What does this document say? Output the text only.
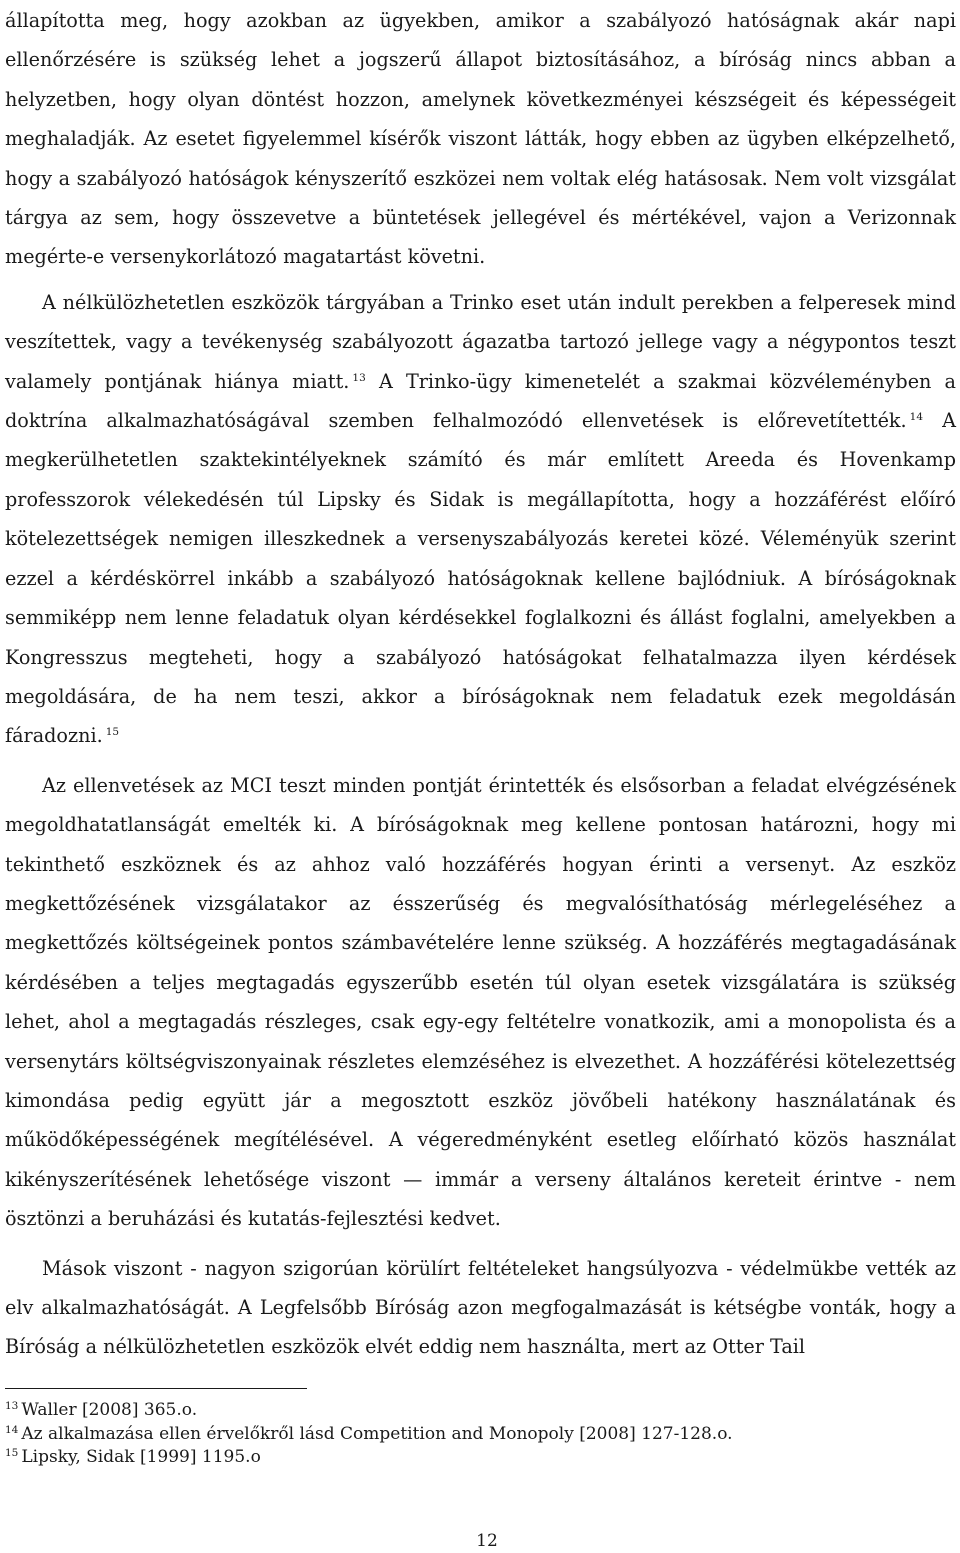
állapította meg, hogy azokban az ügyekben, amikor a szabályozó hatóságnak akár napi ellenőrzésére is szükség lehet a jogszerű állapot biztosításához, a bíróság nincs abban a helyzetben, hogy olyan döntést hozzon, amelynek következményei készségeit és képességeit meghaladják. Az esetet figyelemmel kísérők viszont látták, hogy ebben az ügyben elképzelhető, hogy a szabályozó hatóságok kényszerítő eszközei nem voltak elég hatásosak. Nem volt vizsgálat tárgya az sem, hogy összevetve a büntetések jellegével és mértékével, vajon a Verizonnak megérte-e versenykorlátozó magatartást követni.

A nélkülözhetetlen eszközök tárgyában a Trinko eset után indult perekben a felperesek mind veszítettek, vagy a tevékenység szabályozott ágazatba tartozó jellege vagy a négypontos teszt valamely pontjának hiánya miatt. $^{13}$ A Trinko-ügy kimenetelét a szakmai közvéleményben a doktrína alkalmazhatóságával szemben felhalmozódó ellenvetések is előrevetítették. $^{14}$ A megkerülhetetlen szaktekintélyeknek számító és már említett Areeda és Hovenkamp professzorok vélekedésén túl Lipsky és Sidak is megállapította, hogy a hozzáférést előíró kötelezettségek nemigen illeszkednek a versenyszabályozás keretei közé. Véleményük szerint ezzel a kérdéskörrel inkább a szabályozó hatóságoknak kellene bajlódniuk. A bíróságoknak semmiképp nem lenne feladatuk olyan kérdésekkel foglalkozni és állást foglalni, amelyekben a Kongresszus megteheti, hogy a szabályozó hatóságokat felhatalmazza ilyen kérdések megoldására, de ha nem teszi, akkor a bíróságoknak nem feladatuk ezek megoldásán fáradozni. $^{15}$

Az ellenvetések az MCI teszt minden pontját érintették és elsősorban a feladat elvégzésének megoldhatatlanságát emelték ki. A bíróságoknak meg kellene pontosan határozni, hogy mi tekinthető eszköznek és az ahhoz való hozzáférés hogyan érinti a versenyt. Az eszköz megkettőzésének vizsgálatakor az ésszerűség és megvalósíthatóság mérlegeléséhez a megkettőzés költségeinek pontos számbavételére lenne szükség. A hozzáférés megtagadásának kérdésében a teljes megtagadás egyszerűbb esetén túl olyan esetek vizsgálatára is szükség lehet, ahol a megtagadás részleges, csak egy-egy feltételre vonatkozik, ami a monopolista és a versenytárs költségviszonyainak részletes elemzéséhez is elvezethet. A hozzáférési kötelezettség kimondása pedig együtt jár a megosztott eszköz jövőbeli hatékony használatának és működőképességének megítélésével. A végeredményként esetleg előírható közös használat kikényszerítésének lehetősége viszont — immár a verseny általános kereteit érintve - nem ösztönzi a beruházási és kutatás-fejlesztési kedvet.

Mások viszont - nagyon szigorúan körülírt feltételeket hangsúlyozva - védelmükbe vették az elv alkalmazhatóságát. A Legfelsőbb Bíróság azon megfogalmazását is kétségbe vonták, hogy a Bíróság a nélkülözhetetlen eszközök elvét eddig nem használta, mert az Otter Tail

$^{13}$ Waller [2008] 365.o.

$^{14}$ Az alkalmazása ellen érvelőkről lásd Competition and Monopoly [2008] 127-128.o.

$^{15}$ Lipsky, Sidak [1999] 1195.o

12
